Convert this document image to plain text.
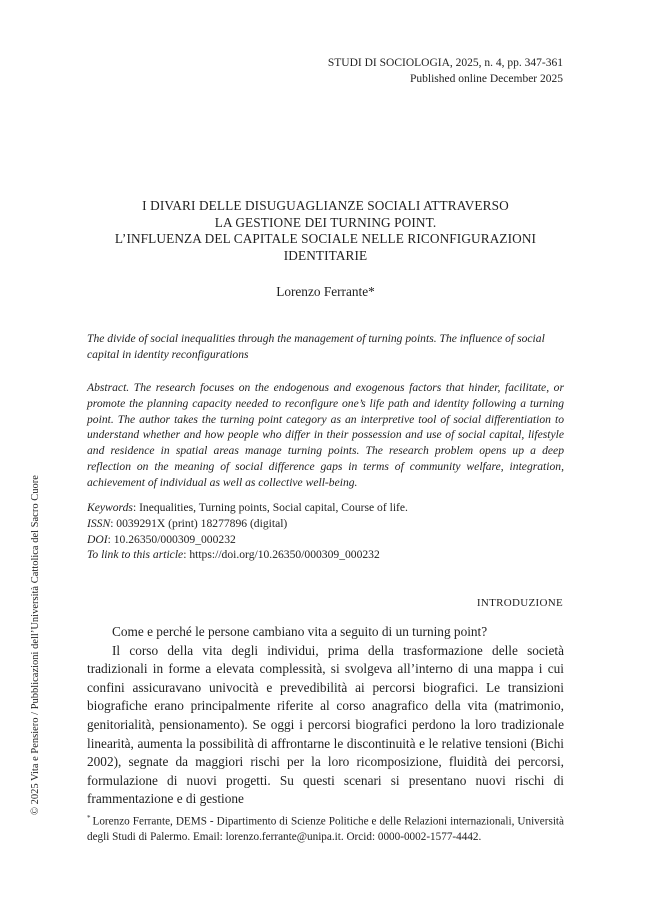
STUDI DI SOCIOLOGIA, 2025, n. 4, pp. 347-361
Published online December 2025
I DIVARI DELLE DISUGUAGLIANZE SOCIALI ATTRAVERSO
LA GESTIONE DEI TURNING POINT.
L’INFLUENZA DEL CAPITALE SOCIALE NELLE RICONFIGURAZIONI
IDENTITARIE
Lorenzo Ferrante*
The divide of social inequalities through the management of turning points. The influence of social capital in identity reconfigurations
Abstract. The research focuses on the endogenous and exogenous factors that hinder, facilitate, or promote the planning capacity needed to reconfigure one’s life path and identity following a turning point. The author takes the turning point category as an interpretive tool of social differentiation to understand whether and how people who differ in their possession and use of social capital, lifestyle and residence in spatial areas manage turning points. The research problem opens up a deep reflection on the meaning of social difference gaps in terms of community welfare, integration, achievement of individual as well as collective well-being.
Keywords: Inequalities, Turning points, Social capital, Course of life.
ISSN: 0039291X (print) 18277896 (digital)
DOI: 10.26350/000309_000232
To link to this article: https://doi.org/10.26350/000309_000232
INTRODUZIONE

Come e perché le persone cambiano vita a seguito di un turning point?

Il corso della vita degli individui, prima della trasformazione delle società tradizionali in forme a elevata complessità, si svolgeva all’interno di una mappa i cui confini assicuravano univocità e prevedibilità ai percorsi biografici. Le transizioni biografiche erano principalmente riferite al corso anagrafico della vita (matrimonio, genitorialità, pensionamento). Se oggi i percorsi biografici perdono la loro tradizionale linearità, aumenta la possibilità di affrontarne le discontinuità e le relative tensioni (Bichi 2002), segnate da maggiori rischi per la loro ricomposizione, fluidità dei percorsi, formulazione di nuovi progetti. Su questi scenari si presentano nuovi rischi di frammentazione e di gestione

* Lorenzo Ferrante, DEMS - Dipartimento di Scienze Politiche e delle Relazioni internazionali, Università degli Studi di Palermo. Email: lorenzo.ferrante@unipa.it. Orcid: 0000-0002-1577-4442.
© 2025 Vita e Pensiero / Pubblicazioni dell’Università Cattolica del Sacro Cuore
